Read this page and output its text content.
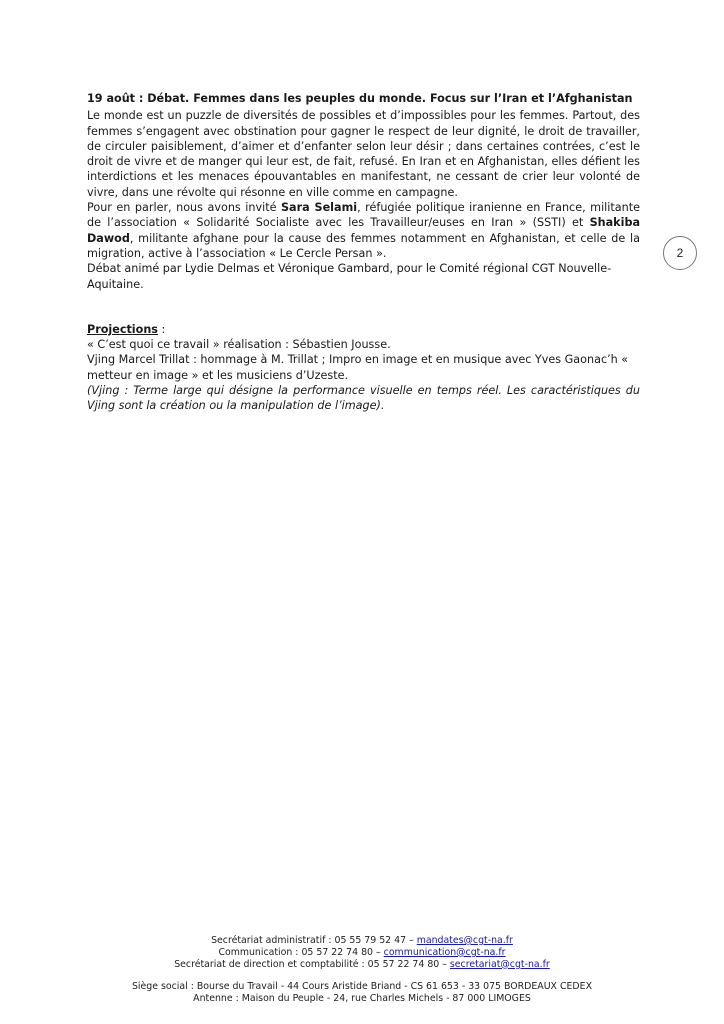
19 août : Débat. Femmes dans les peuples du monde. Focus sur l’Iran et l’Afghanistan

Le monde est un puzzle de diversités de possibles et d’impossibles pour les femmes. Partout, des femmes s’engagent avec obstination pour gagner le respect de leur dignité, le droit de travailler, de circuler paisiblement, d’aimer et d’enfanter selon leur désir ; dans certaines contrées, c’est le droit de vivre et de manger qui leur est, de fait, refusé. En Iran et en Afghanistan, elles défient les interdictions et les menaces épouvantables en manifestant, ne cessant de crier leur volonté de vivre, dans une révolte qui résonne en ville comme en campagne.

Pour en parler, nous avons invité Sara Selami, réfugiée politique iranienne en France, militante de l’association « Solidarité Socialiste avec les Travailleur/euses en Iran » (SSTI) et Shakiba Dawod, militante afghane pour la cause des femmes notamment en Afghanistan, et celle de la migration, active à l’association « Le Cercle Persan ».

Débat animé par Lydie Delmas et Véronique Gambard, pour le Comité régional CGT Nouvelle-Aquitaine.

Projections :

« C’est quoi ce travail » réalisation : Sébastien Jousse.

Vjing Marcel Trillat : hommage à M. Trillat ; Impro en image et en musique avec Yves Gaonac’h « metteur en image » et les musiciens d’Uzeste.

(Vjing : Terme large qui désigne la performance visuelle en temps réel. Les caractéristiques du Vjing sont la création ou la manipulation de l’image).

2
Secrétariat administratif : 05 55 79 52 47 – mandates@cgt-na.fr
Communication : 05 57 22 74 80 – communication@cgt-na.fr
Secrétariat de direction et comptabilité : 05 57 22 74 80 – secretariat@cgt-na.fr
Siège social : Bourse du Travail - 44 Cours Aristide Briand - CS 61 653 - 33 075 BORDEAUX CEDEX
Antenne : Maison du Peuple - 24, rue Charles Michels - 87 000 LIMOGES
